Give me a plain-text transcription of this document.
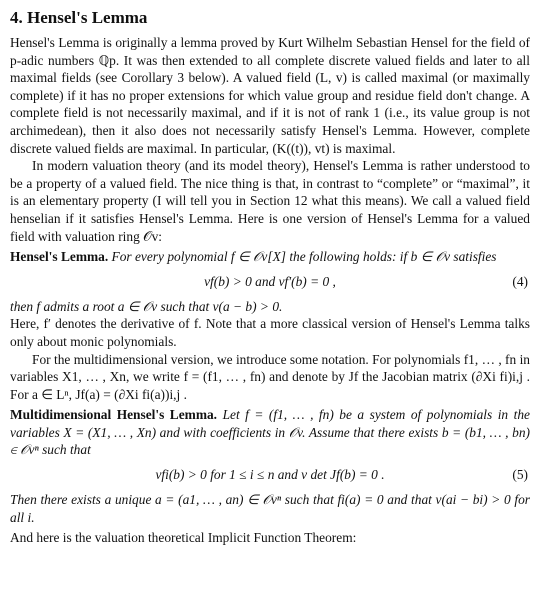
4. Hensel's Lemma

Hensel's Lemma is originally a lemma proved by Kurt Wilhelm Sebastian Hensel for the field of p-adic numbers ℚp. It was then extended to all complete discrete valued fields and later to all maximal fields (see Corollary 3 below). A valued field (L, v) is called maximal (or maximally complete) if it has no proper extensions for which value group and residue field don't change. A complete field is not necessarily maximal, and if it is not of rank 1 (i.e., its value group is not archimedean), then it also does not necessarily satisfy Hensel's Lemma. However, complete discrete valued fields are maximal. In particular, (K((t)), vt) is maximal.

In modern valuation theory (and its model theory), Hensel's Lemma is rather understood to be a property of a valued field. The nice thing is that, in contrast to “complete” or “maximal”, it is an elementary property (I will tell you in Section 12 what this means). We call a valued field henselian if it satisfies Hensel's Lemma. Here is one version of Hensel's Lemma for a valued field with valuation ring 𝒪v:

Hensel's Lemma. For every polynomial f ∈ 𝒪v[X] the following holds: if b ∈ 𝒪v satisfies

vf(b) > 0 and vf′(b) = 0 ,	(4)

then f admits a root a ∈ 𝒪v such that v(a − b) > 0.

Here, f′ denotes the derivative of f. Note that a more classical version of Hensel's Lemma talks only about monic polynomials.

For the multidimensional version, we introduce some notation. For polynomials f1, … , fn in variables X1, … , Xn, we write f = (f1, … , fn) and denote by Jf the Jacobian matrix (∂Xi fi)i,j . For a ∈ Lⁿ, Jf(a) = (∂Xi fi(a))i,j .

Multidimensional Hensel's Lemma. Let f = (f1, … , fn) be a system of polynomials in the variables X = (X1, … , Xn) and with coefficients in 𝒪v. Assume that there exists b = (b1, … , bn) ∈ 𝒪vⁿ such that

vfi(b) > 0 for 1 ≤ i ≤ n and v det Jf(b) = 0 .	(5)

Then there exists a unique a = (a1, … , an) ∈ 𝒪vⁿ such that fi(a) = 0 and that v(ai − bi) > 0 for all i.

And here is the valuation theoretical Implicit Function Theorem:
